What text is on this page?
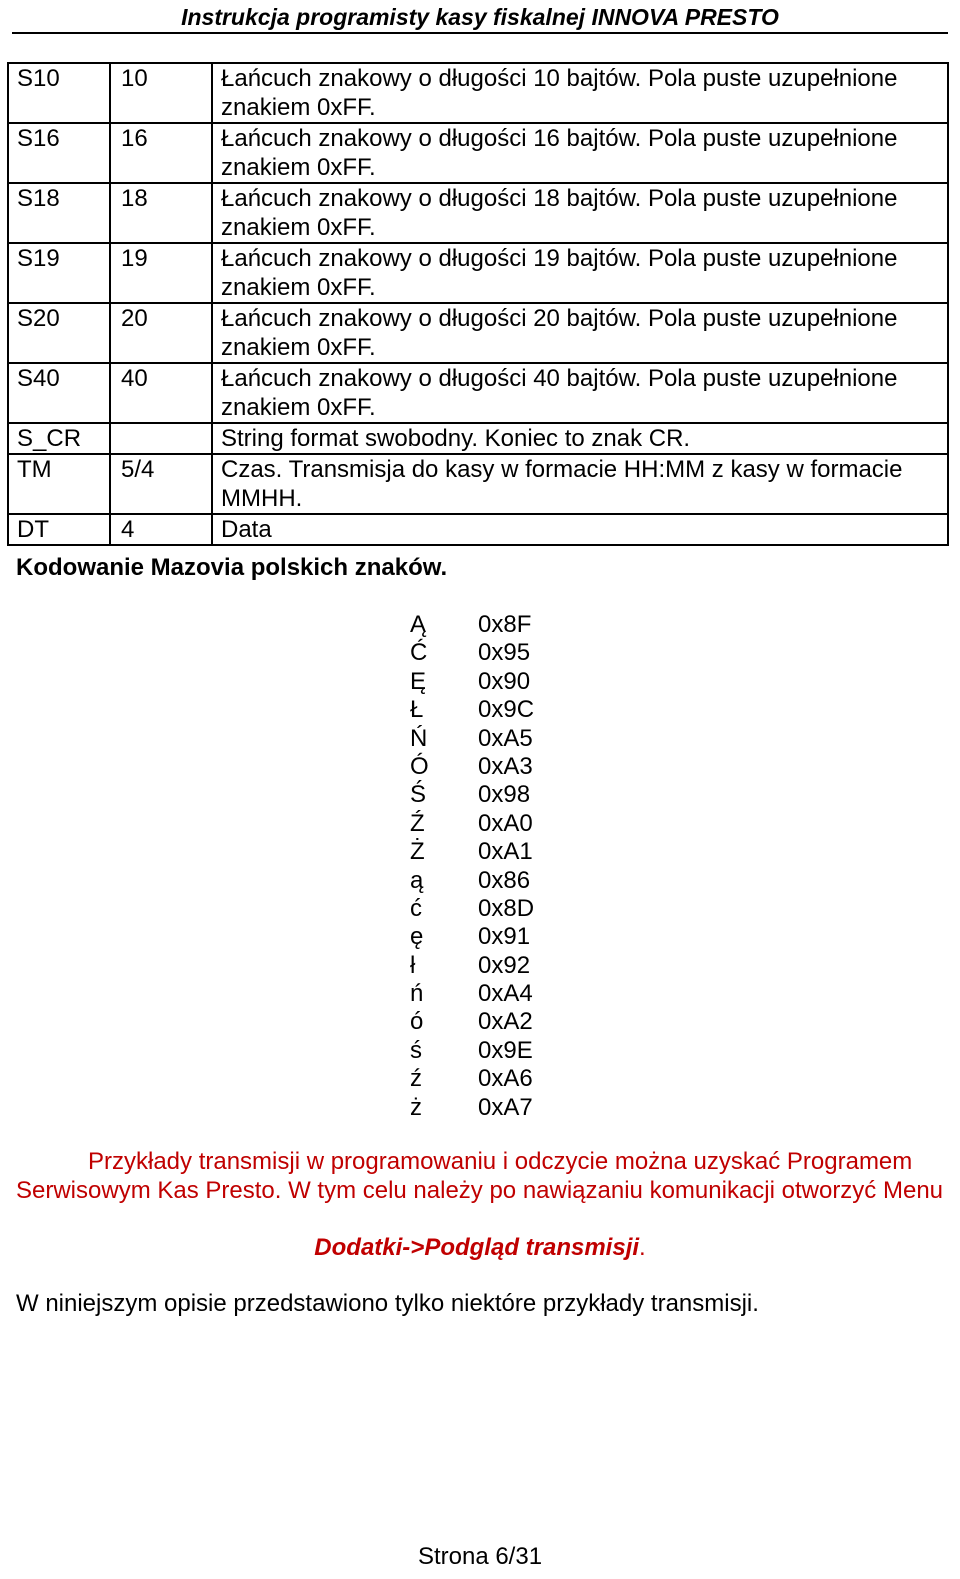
Instrukcja programisty kasy fiskalnej INNOVA PRESTO
S10	10	Łańcuch znakowy o długości 10 bajtów. Pola puste uzupełnione znakiem 0xFF.
S16	16	Łańcuch znakowy o długości 16 bajtów. Pola puste uzupełnione znakiem 0xFF.
S18	18	Łańcuch znakowy o długości 18 bajtów. Pola puste uzupełnione znakiem 0xFF.
S19	19	Łańcuch znakowy o długości 19 bajtów. Pola puste uzupełnione znakiem 0xFF.
S20	20	Łańcuch znakowy o długości 20 bajtów. Pola puste uzupełnione znakiem 0xFF.
S40	40	Łańcuch znakowy o długości 40 bajtów. Pola puste uzupełnione znakiem 0xFF.
S_CR		String format swobodny. Koniec to znak CR.
TM	5/4	Czas. Transmisja do kasy w formacie HH:MM z kasy w formacie MMHH.
DT	4	Data
Kodowanie Mazovia polskich znaków.
Ą	0x8F
Ć	0x95
Ę	0x90
Ł	0x9C
Ń	0xA5
Ó	0xA3
Ś	0x98
Ź	0xA0
Ż	0xA1
ą	0x86
ć	0x8D
ę	0x91
ł	0x92
ń	0xA4
ó	0xA2
ś	0x9E
ź	0xA6
ż	0xA7
Przykłady transmisji w programowaniu i odczycie można uzyskać Programem Serwisowym Kas Presto. W tym celu należy po nawiązaniu komunikacji otworzyć Menu
Dodatki->Podgląd transmisji.
W niniejszym opisie przedstawiono tylko niektóre przykłady transmisji.
Strona 6/31
